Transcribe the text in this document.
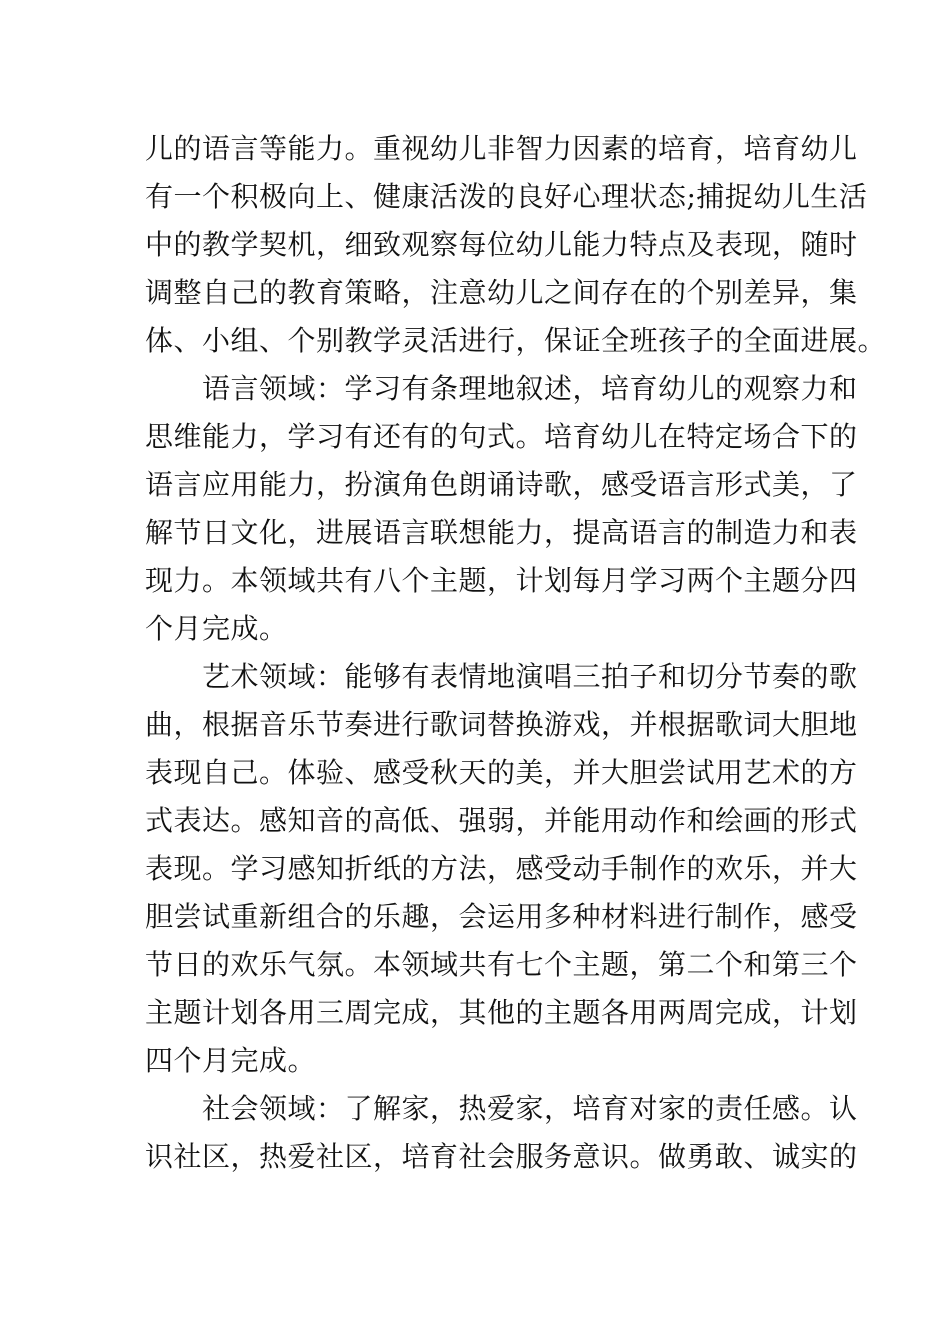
儿的语言等能力。重视幼儿非智力因素的培育，培育幼儿
有一个积极向上、健康活泼的良好心理状态;捕捉幼儿生活
中的教学契机，细致观察每位幼儿能力特点及表现，随时
调整自己的教育策略，注意幼儿之间存在的个别差异，集
体、小组、个别教学灵活进行，保证全班孩子的全面进展。
　　语言领域：学习有条理地叙述，培育幼儿的观察力和
思维能力，学习有还有的句式。培育幼儿在特定场合下的
语言应用能力，扮演角色朗诵诗歌，感受语言形式美，了
解节日文化，进展语言联想能力，提高语言的制造力和表
现力。本领域共有八个主题，计划每月学习两个主题分四
个月完成。
　　艺术领域：能够有表情地演唱三拍子和切分节奏的歌
曲，根据音乐节奏进行歌词替换游戏，并根据歌词大胆地
表现自己。体验、感受秋天的美，并大胆尝试用艺术的方
式表达。感知音的高低、强弱，并能用动作和绘画的形式
表现。学习感知折纸的方法，感受动手制作的欢乐，并大
胆尝试重新组合的乐趣，会运用多种材料进行制作，感受
节日的欢乐气氛。本领域共有七个主题，第二个和第三个
主题计划各用三周完成，其他的主题各用两周完成，计划
四个月完成。
　　社会领域：了解家，热爱家，培育对家的责任感。认
识社区，热爱社区，培育社会服务意识。做勇敢、诚实的
